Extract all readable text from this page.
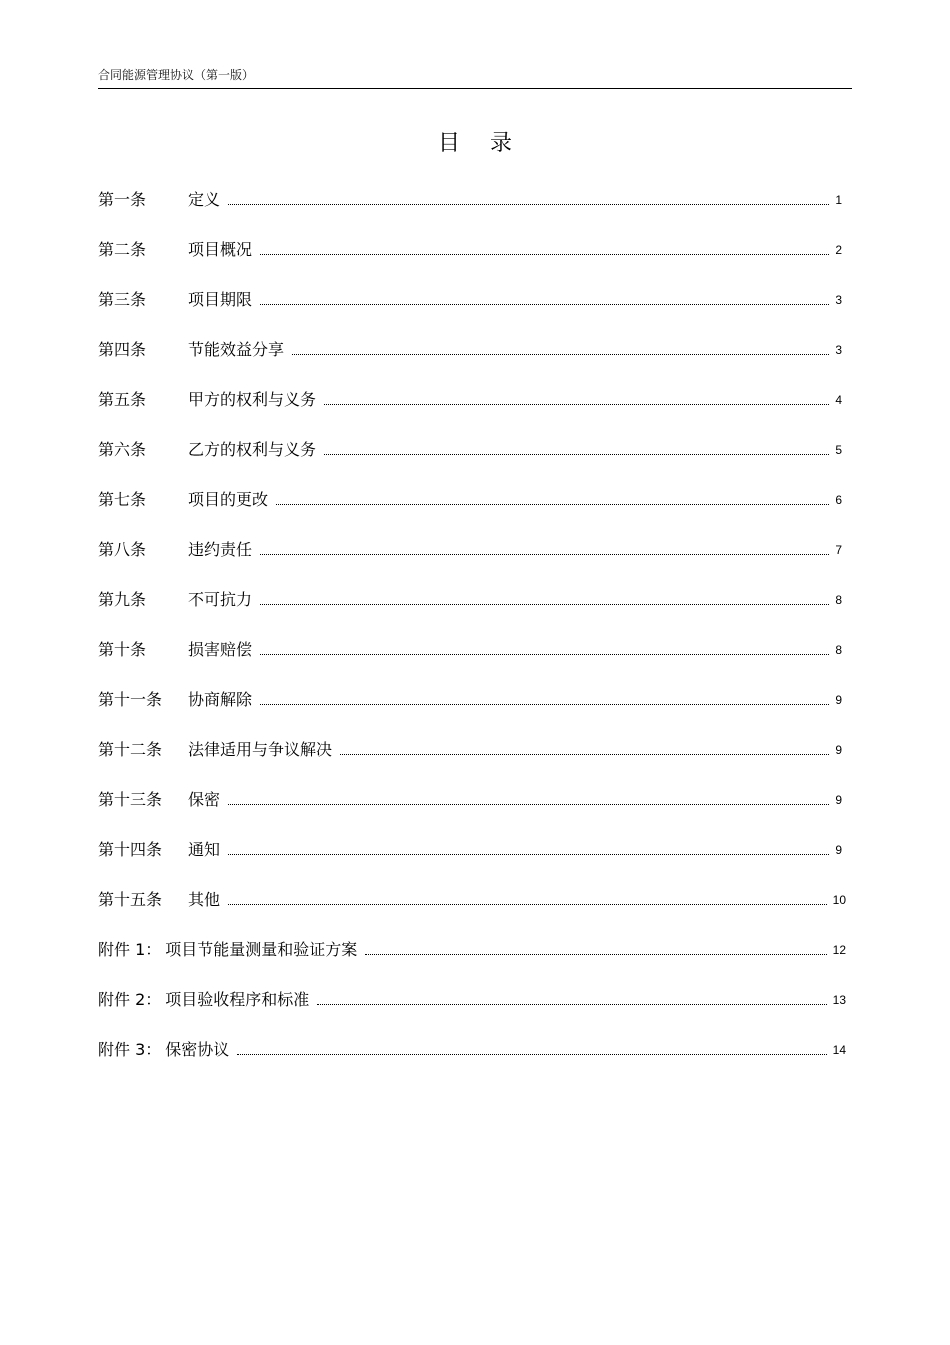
合同能源管理协议（第一版）
目录
第一条	定义	1
第二条	项目概况	2
第三条	项目期限	3
第四条	节能效益分享	3
第五条	甲方的权利与义务	4
第六条	乙方的权利与义务	5
第七条	项目的更改	6
第八条	违约责任	7
第九条	不可抗力	8
第十条	损害赔偿	8
第十一条	协商解除	9
第十二条	法律适用与争议解决	9
第十三条	保密	9
第十四条	通知	9
第十五条	其他	10
附件 1： 项目节能量测量和验证方案	12
附件 2： 项目验收程序和标准	13
附件 3： 保密协议	14
